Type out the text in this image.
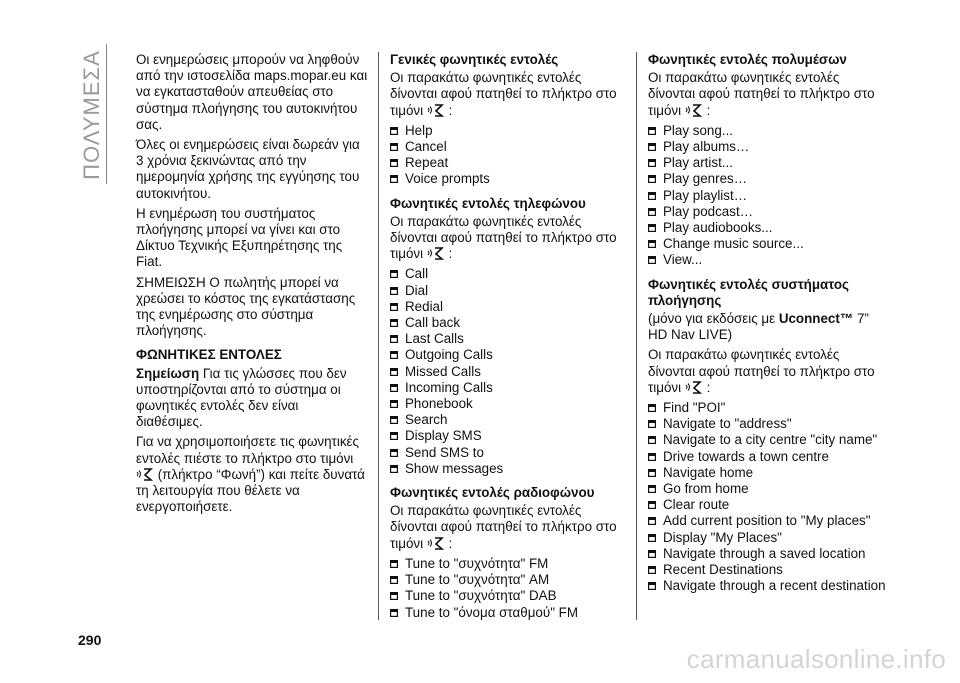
ΠΟΛΥΜΕΣΑ Οι ενημερώσεις μπορούν να ληφθούν από την ιστοσελίδα maps.mopar.eu και να εγκατασταθούν απευθείας στο σύστημα πλοήγησης του αυτοκινήτου σας.

Όλες οι ενημερώσεις είναι δωρεάν για 3 χρόνια ξεκινώντας από την ημερομηνία χρήσης της εγγύησης του αυτοκινήτου.

Η ενημέρωση του συστήματος πλοήγησης μπορεί να γίνει και στο Δίκτυο Τεχνικής Εξυπηρέτησης της Fiat.

ΣΗΜΕΙΩΣΗ Ο πωλητής μπορεί να χρεώσει το κόστος της εγκατάστασης της ενημέρωσης στο σύστημα πλοήγησης.

ΦΩΝΗΤΙΚΕΣ ΕΝΤΟΛΕΣ

Σημείωση Για τις γλώσσες που δεν υποστηρίζονται από το σύστημα οι φωνητικές εντολές δεν είναι διαθέσιμες.

Για να χρησιμοποιήσετε τις φωνητικές εντολές πιέστε το πλήκτρο στο τιμόνι
(πλήκτρο “Φωνή”) και πείτε δυνατά τη λειτουργία που θέλετε να ενεργοποιήσετε.

Γενικές φωνητικές εντολές

Οι παρακάτω φωνητικές εντολές δίνονται αφού πατηθεί το πλήκτρο στο τιμόνι  :

Help
Cancel
Repeat
Voice prompts
Φωνητικές εντολές τηλεφώνου

Οι παρακάτω φωνητικές εντολές δίνονται αφού πατηθεί το πλήκτρο στο τιμόνι  :

Call
Dial
Redial
Call back
Last Calls
Outgoing Calls
Missed Calls
Incoming Calls
Phonebook
Search
Display SMS
Send SMS to
Show messages
Φωνητικές εντολές ραδιοφώνου

Οι παρακάτω φωνητικές εντολές δίνονται αφού πατηθεί το πλήκτρο στο τιμόνι  :

Tune to "συχνότητα" FM
Tune to "συχνότητα" AM
Tune to "συχνότητα" DAB
Tune to "όνομα σταθμού" FM
Φωνητικές εντολές πολυμέσων

Οι παρακάτω φωνητικές εντολές δίνονται αφού πατηθεί το πλήκτρο στο τιμόνι  :

Play song...
Play albums…
Play artist...
Play genres…
Play playlist…
Play podcast…
Play audiobooks...
Change music source...
View...
Φωνητικές εντολές συστήματος πλοήγησης

(μόνο για εκδόσεις με Uconnect™ 7” HD Nav LIVE)

Οι παρακάτω φωνητικές εντολές δίνονται αφού πατηθεί το πλήκτρο στο τιμόνι  :

Find "POI"
Navigate to "address"
Navigate to a city centre "city name"
Drive towards a town centre
Navigate home
Go from home
Clear route
Add current position to "My places"
Display "My Places"
Navigate through a saved location
Recent Destinations
Navigate through a recent destination
290
carmanualsonline.info
